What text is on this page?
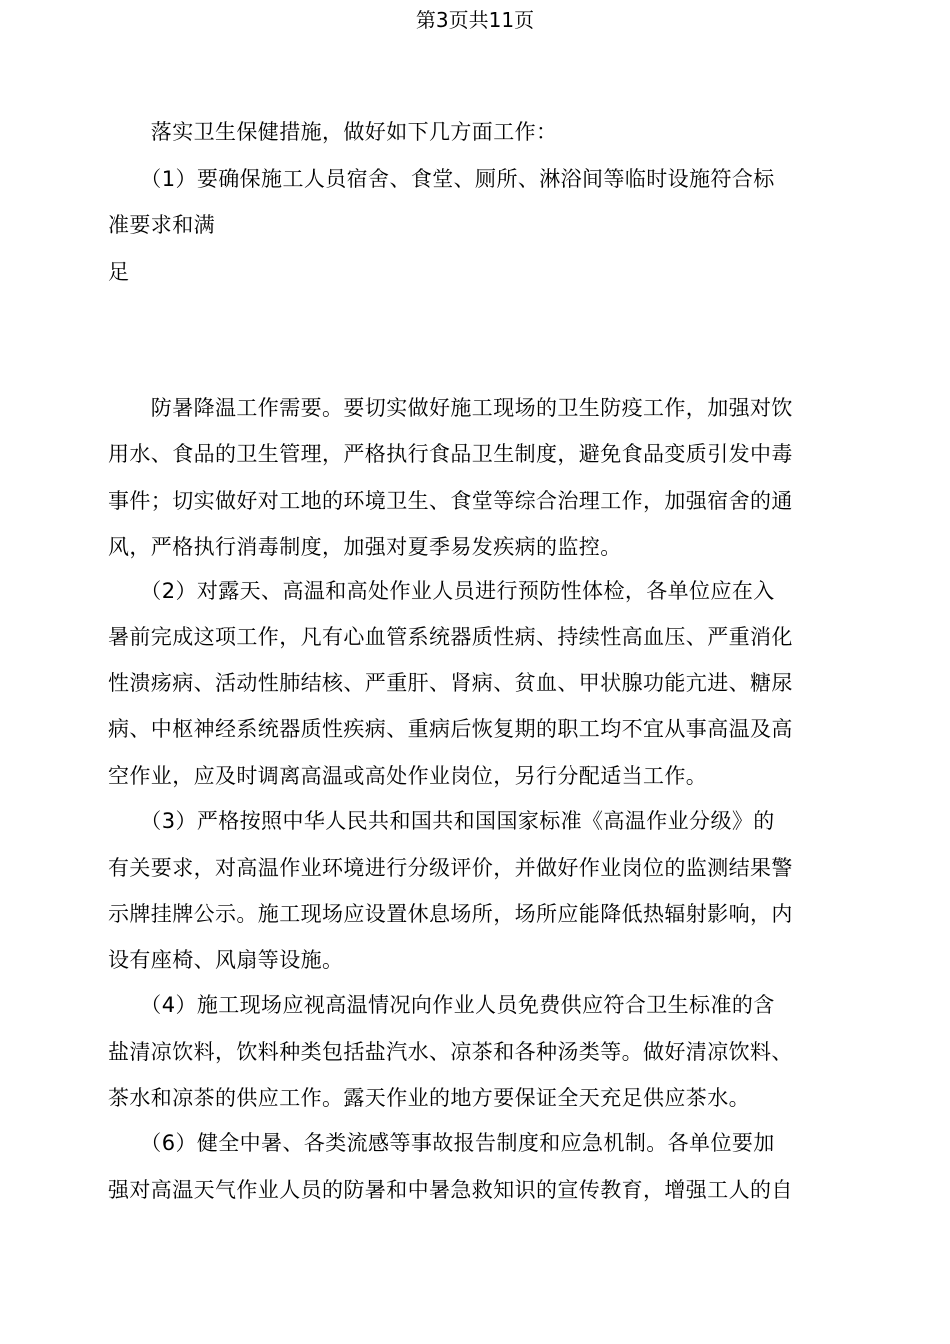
第3页共11页
　　落实卫生保健措施，做好如下几方面工作：
　　（1）要确保施工人员宿舍、食堂、厕所、淋浴间等临时设施符合标
准要求和满
足
　　防暑降温工作需要。要切实做好施工现场的卫生防疫工作，加强对饮
用水、食品的卫生管理，严格执行食品卫生制度，避免食品变质引发中毒
事件；切实做好对工地的环境卫生、食堂等综合治理工作，加强宿舍的通
风，严格执行消毒制度，加强对夏季易发疾病的监控。
　　（2）对露天、高温和高处作业人员进行预防性体检，各单位应在入
暑前完成这项工作，凡有心血管系统器质性病、持续性高血压、严重消化
性溃疡病、活动性肺结核、严重肝、肾病、贫血、甲状腺功能亢进、糖尿
病、中枢神经系统器质性疾病、重病后恢复期的职工均不宜从事高温及高
空作业，应及时调离高温或高处作业岗位，另行分配适当工作。
　　（3）严格按照中华人民共和国共和国国家标准《高温作业分级》的
有关要求，对高温作业环境进行分级评价，并做好作业岗位的监测结果警
示牌挂牌公示。施工现场应设置休息场所，场所应能降低热辐射影响，内
设有座椅、风扇等设施。
　　（4）施工现场应视高温情况向作业人员免费供应符合卫生标准的含
盐清凉饮料，饮料种类包括盐汽水、凉茶和各种汤类等。做好清凉饮料、
茶水和凉茶的供应工作。露天作业的地方要保证全天充足供应茶水。
　　（6）健全中暑、各类流感等事故报告制度和应急机制。各单位要加
强对高温天气作业人员的防暑和中暑急救知识的宣传教育，增强工人的自
